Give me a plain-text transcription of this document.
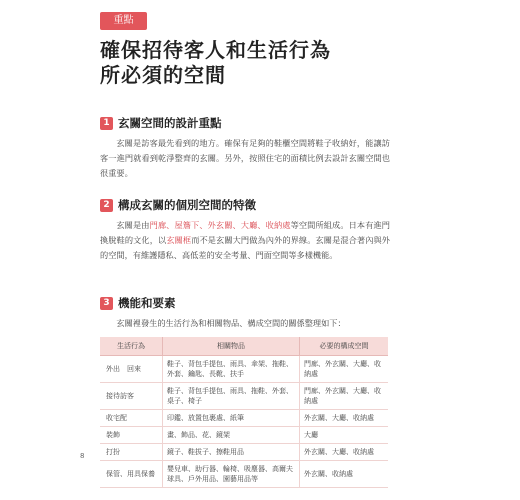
重點
確保招待客人和生活行為
所必須的空間
1 玄關空間的設計重點
玄關是訪客最先看到的地方。確保有足夠的鞋櫃空間將鞋子收納好，能讓訪客一進門就看到乾淨整齊的玄關。另外，按照住宅的面積比例去設計玄關空間也很重要。
2 構成玄關的個別空間的特徵
玄關是由門廊、屋簷下、外玄關、大廳、收納處等空間所組成。日本有進門換脫鞋的文化，以玄關框而不是玄關大門做為內外的界線。玄關是混合著內與外的空間，有維護隱私、高低差的安全考量、門面空間等多樣機能。
3 機能和要素
玄關裡發生的生活行為和相關物品、構成空間的關係整理如下：
生活行為	相關物品	必要的構成空間
外出　回來	鞋子、背包手提包、雨具、傘架、拖鞋、外套、鑰匙、長靴、扶手	門廊、外玄關、大廳、收納處
接待訪客	鞋子、背包手提包、雨具、拖鞋、外套、桌子、椅子	門廊、外玄關、大廳、收納處
收宅配	印鑑、放置包裹處、紙筆	外玄關、大廳、收納處
裝飾	畫、飾品、花、鏡架	大廳
打扮	鏡子、鞋拔子、擦鞋用品	外玄關、大廳、收納處
保管、用具保養	嬰兒車、助行器、輪椅、吸塵器、高爾夫球具、戶外用品、園藝用品等	外玄關、收納處
8
